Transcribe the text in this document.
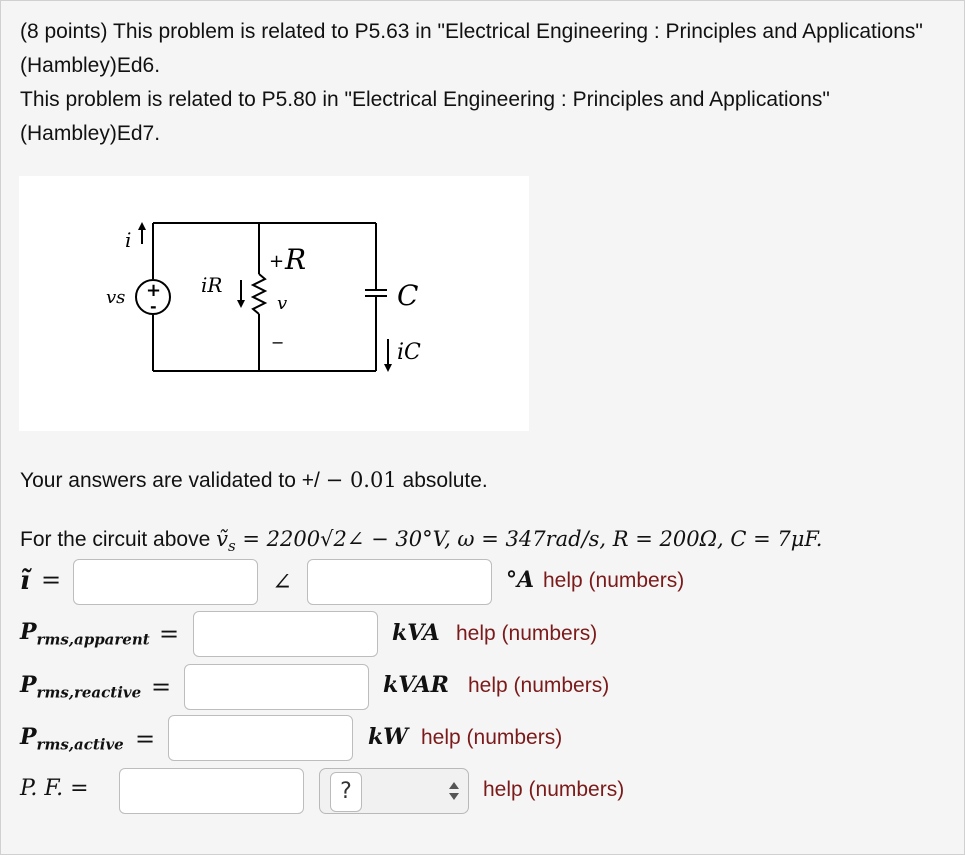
(8 points) This problem is related to P5.63 in "Electrical Engineering : Principles and Applications" (Hambley)Ed6.

This problem is related to P5.80 in "Electrical Engineering : Principles and Applications" (Hambley)Ed7.

i
vs +
-
iR
+ R
v
−
C
iC
Your answers are validated to +/ − 0.01 absolute.
For the circuit above ṽ$_s$ = 2200√2∠ − 30°V, ω = 347rad/s, R = 200Ω, C = 7μF.
ĩ =	∠	°A help (numbers)
$P_{rms,apparent}$ =	kVA help (numbers)
$P_{rms,reactive}$ =	kVAR help (numbers)
$P_{rms,active}$ =	kW help (numbers)
P. F. =	?	help (numbers)
